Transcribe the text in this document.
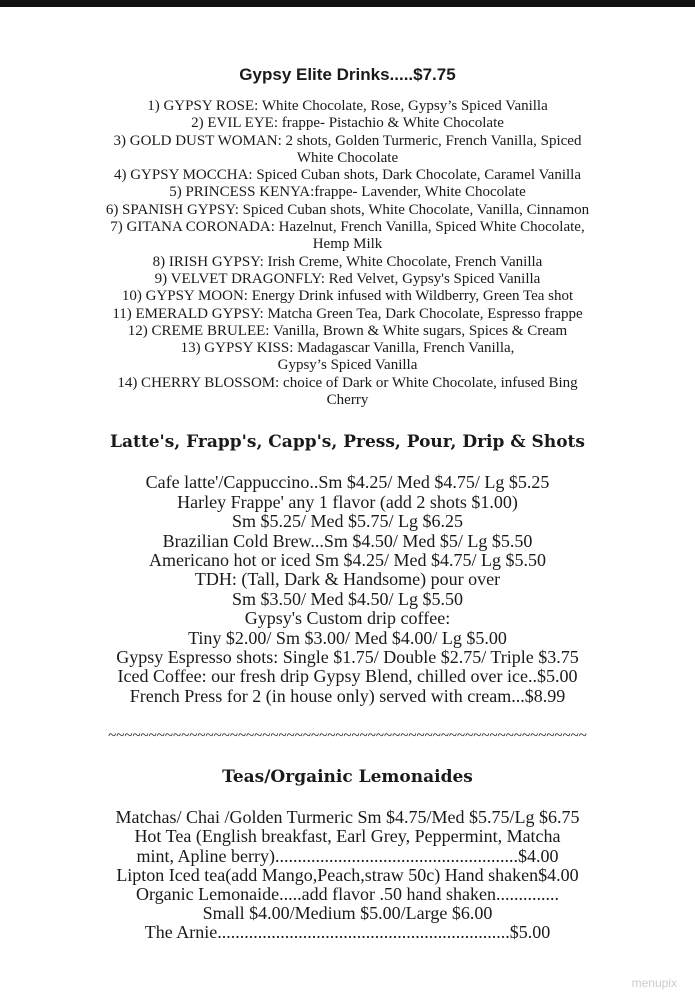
Gypsy Elite Drinks.....$7.75
1) GYPSY ROSE: White Chocolate, Rose, Gypsy’s Spiced Vanilla
2) EVIL EYE: frappe- Pistachio & White Chocolate
3) GOLD DUST WOMAN: 2 shots, Golden Turmeric, French Vanilla, Spiced
White Chocolate
4) GYPSY MOCCHA: Spiced Cuban shots, Dark Chocolate, Caramel Vanilla
5) PRINCESS KENYA:frappe- Lavender, White Chocolate
6) SPANISH GYPSY: Spiced Cuban shots, White Chocolate, Vanilla, Cinnamon
7) GITANA CORONADA: Hazelnut, French Vanilla, Spiced White Chocolate,
Hemp Milk
8) IRISH GYPSY: Irish Creme, White Chocolate, French Vanilla
9) VELVET DRAGONFLY: Red Velvet, Gypsy's Spiced Vanilla
10) GYPSY MOON: Energy Drink infused with Wildberry, Green Tea shot
11) EMERALD GYPSY: Matcha Green Tea, Dark Chocolate, Espresso frappe
12) CREME BRULEE: Vanilla, Brown & White sugars, Spices & Cream
13) GYPSY KISS: Madagascar Vanilla, French Vanilla,
Gypsy’s Spiced Vanilla
14) CHERRY BLOSSOM: choice of Dark or White Chocolate, infused Bing
Cherry
Latte's, Frapp's, Capp's, Press, Pour, Drip & Shots
Cafe latte'/Cappuccino..Sm $4.25/ Med $4.75/ Lg $5.25
Harley Frappe' any 1 flavor (add 2 shots $1.00)
Sm $5.25/ Med $5.75/ Lg $6.25
Brazilian Cold Brew...Sm $4.50/ Med $5/ Lg $5.50
Americano hot or iced Sm $4.25/ Med $4.75/ Lg $5.50
TDH: (Tall, Dark & Handsome) pour over
Sm $3.50/ Med $4.50/ Lg $5.50
Gypsy's Custom drip coffee:
Tiny $2.00/ Sm $3.00/ Med $4.00/ Lg $5.00
Gypsy Espresso shots: Single $1.75/ Double $2.75/ Triple $3.75
Iced Coffee: our fresh drip Gypsy Blend, chilled over ice..$5.00
French Press for 2 (in house only) served with cream...$8.99
~~~~~~~~~~~~~~~~~~~~~~~~~~~~~~~~~~~~~~~~~~~~~~~~~~~~~~~~~~~
Teas/Orgainic Lemonaides
Matchas/ Chai /Golden Turmeric Sm $4.75/Med $5.75/Lg $6.75
Hot Tea (English breakfast, Earl Grey, Peppermint, Matcha
mint, Apline berry)......................................................$4.00
Lipton Iced tea(add Mango,Peach,straw 50c) Hand shaken$4.00
Organic Lemonaide.....add flavor .50 hand shaken..............
Small $4.00/Medium $5.00/Large $6.00
The Arnie.................................................................$5.00
menupix
